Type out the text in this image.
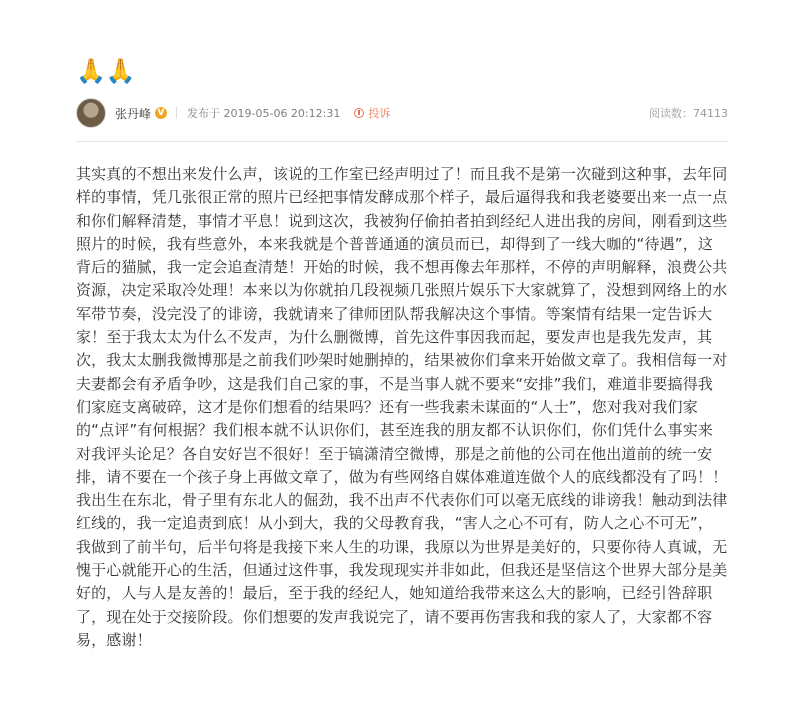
🙏🙏
张丹峰 V 发布于 2019-05-06 20:12:31	投诉	阅读数：74113

其实真的不想出来发什么声，该说的工作室已经声明过了！而且我不是第一次碰到这种事，去年同样的事情，凭几张很正常的照片已经把事情发酵成那个样子，最后逼得我和我老婆要出来一点一点和你们解释清楚，事情才平息！说到这次，我被狗仔偷拍者拍到经纪人进出我的房间，刚看到这些照片的时候，我有些意外，本来我就是个普普通通的演员而已，却得到了一线大咖的“待遇”，这背后的猫腻，我一定会追查清楚！开始的时候，我不想再像去年那样，不停的声明解释，浪费公共资源，决定采取冷处理！本来以为你就拍几段视频几张照片娱乐下大家就算了，没想到网络上的水军带节奏，没完没了的诽谤，我就请来了律师团队帮我解决这个事情。等案情有结果一定告诉大家！至于我太太为什么不发声，为什么删微博，首先这件事因我而起，要发声也是我先发声，其次，我太太删我微博那是之前我们吵架时她删掉的，结果被你们拿来开始做文章了。我相信每一对夫妻都会有矛盾争吵，这是我们自己家的事，不是当事人就不要来“安排”我们，难道非要搞得我们家庭支离破碎，这才是你们想看的结果吗？还有一些我素未谋面的“人士”，您对我对我们家的“点评”有何根据？我们根本就不认识你们，甚至连我的朋友都不认识你们，你们凭什么事实来对我评头论足？各自安好岂不很好！至于镐潇清空微博，那是之前他的公司在他出道前的统一安排，请不要在一个孩子身上再做文章了，做为有些网络自媒体难道连做个人的底线都没有了吗！！我出生在东北，骨子里有东北人的倔劲，我不出声不代表你们可以毫无底线的诽谤我！触动到法律红线的，我一定追责到底！从小到大，我的父母教育我，“害人之心不可有，防人之心不可无”，我做到了前半句，后半句将是我接下来人生的功课，我原以为世界是美好的，只要你待人真诚，无愧于心就能开心的生活，但通过这件事，我发现现实并非如此，但我还是坚信这个世界大部分是美好的，人与人是友善的！最后，至于我的经纪人，她知道给我带来这么大的影响，已经引咎辞职了，现在处于交接阶段。你们想要的发声我说完了，请不要再伤害我和我的家人了，大家都不容易，感谢！
